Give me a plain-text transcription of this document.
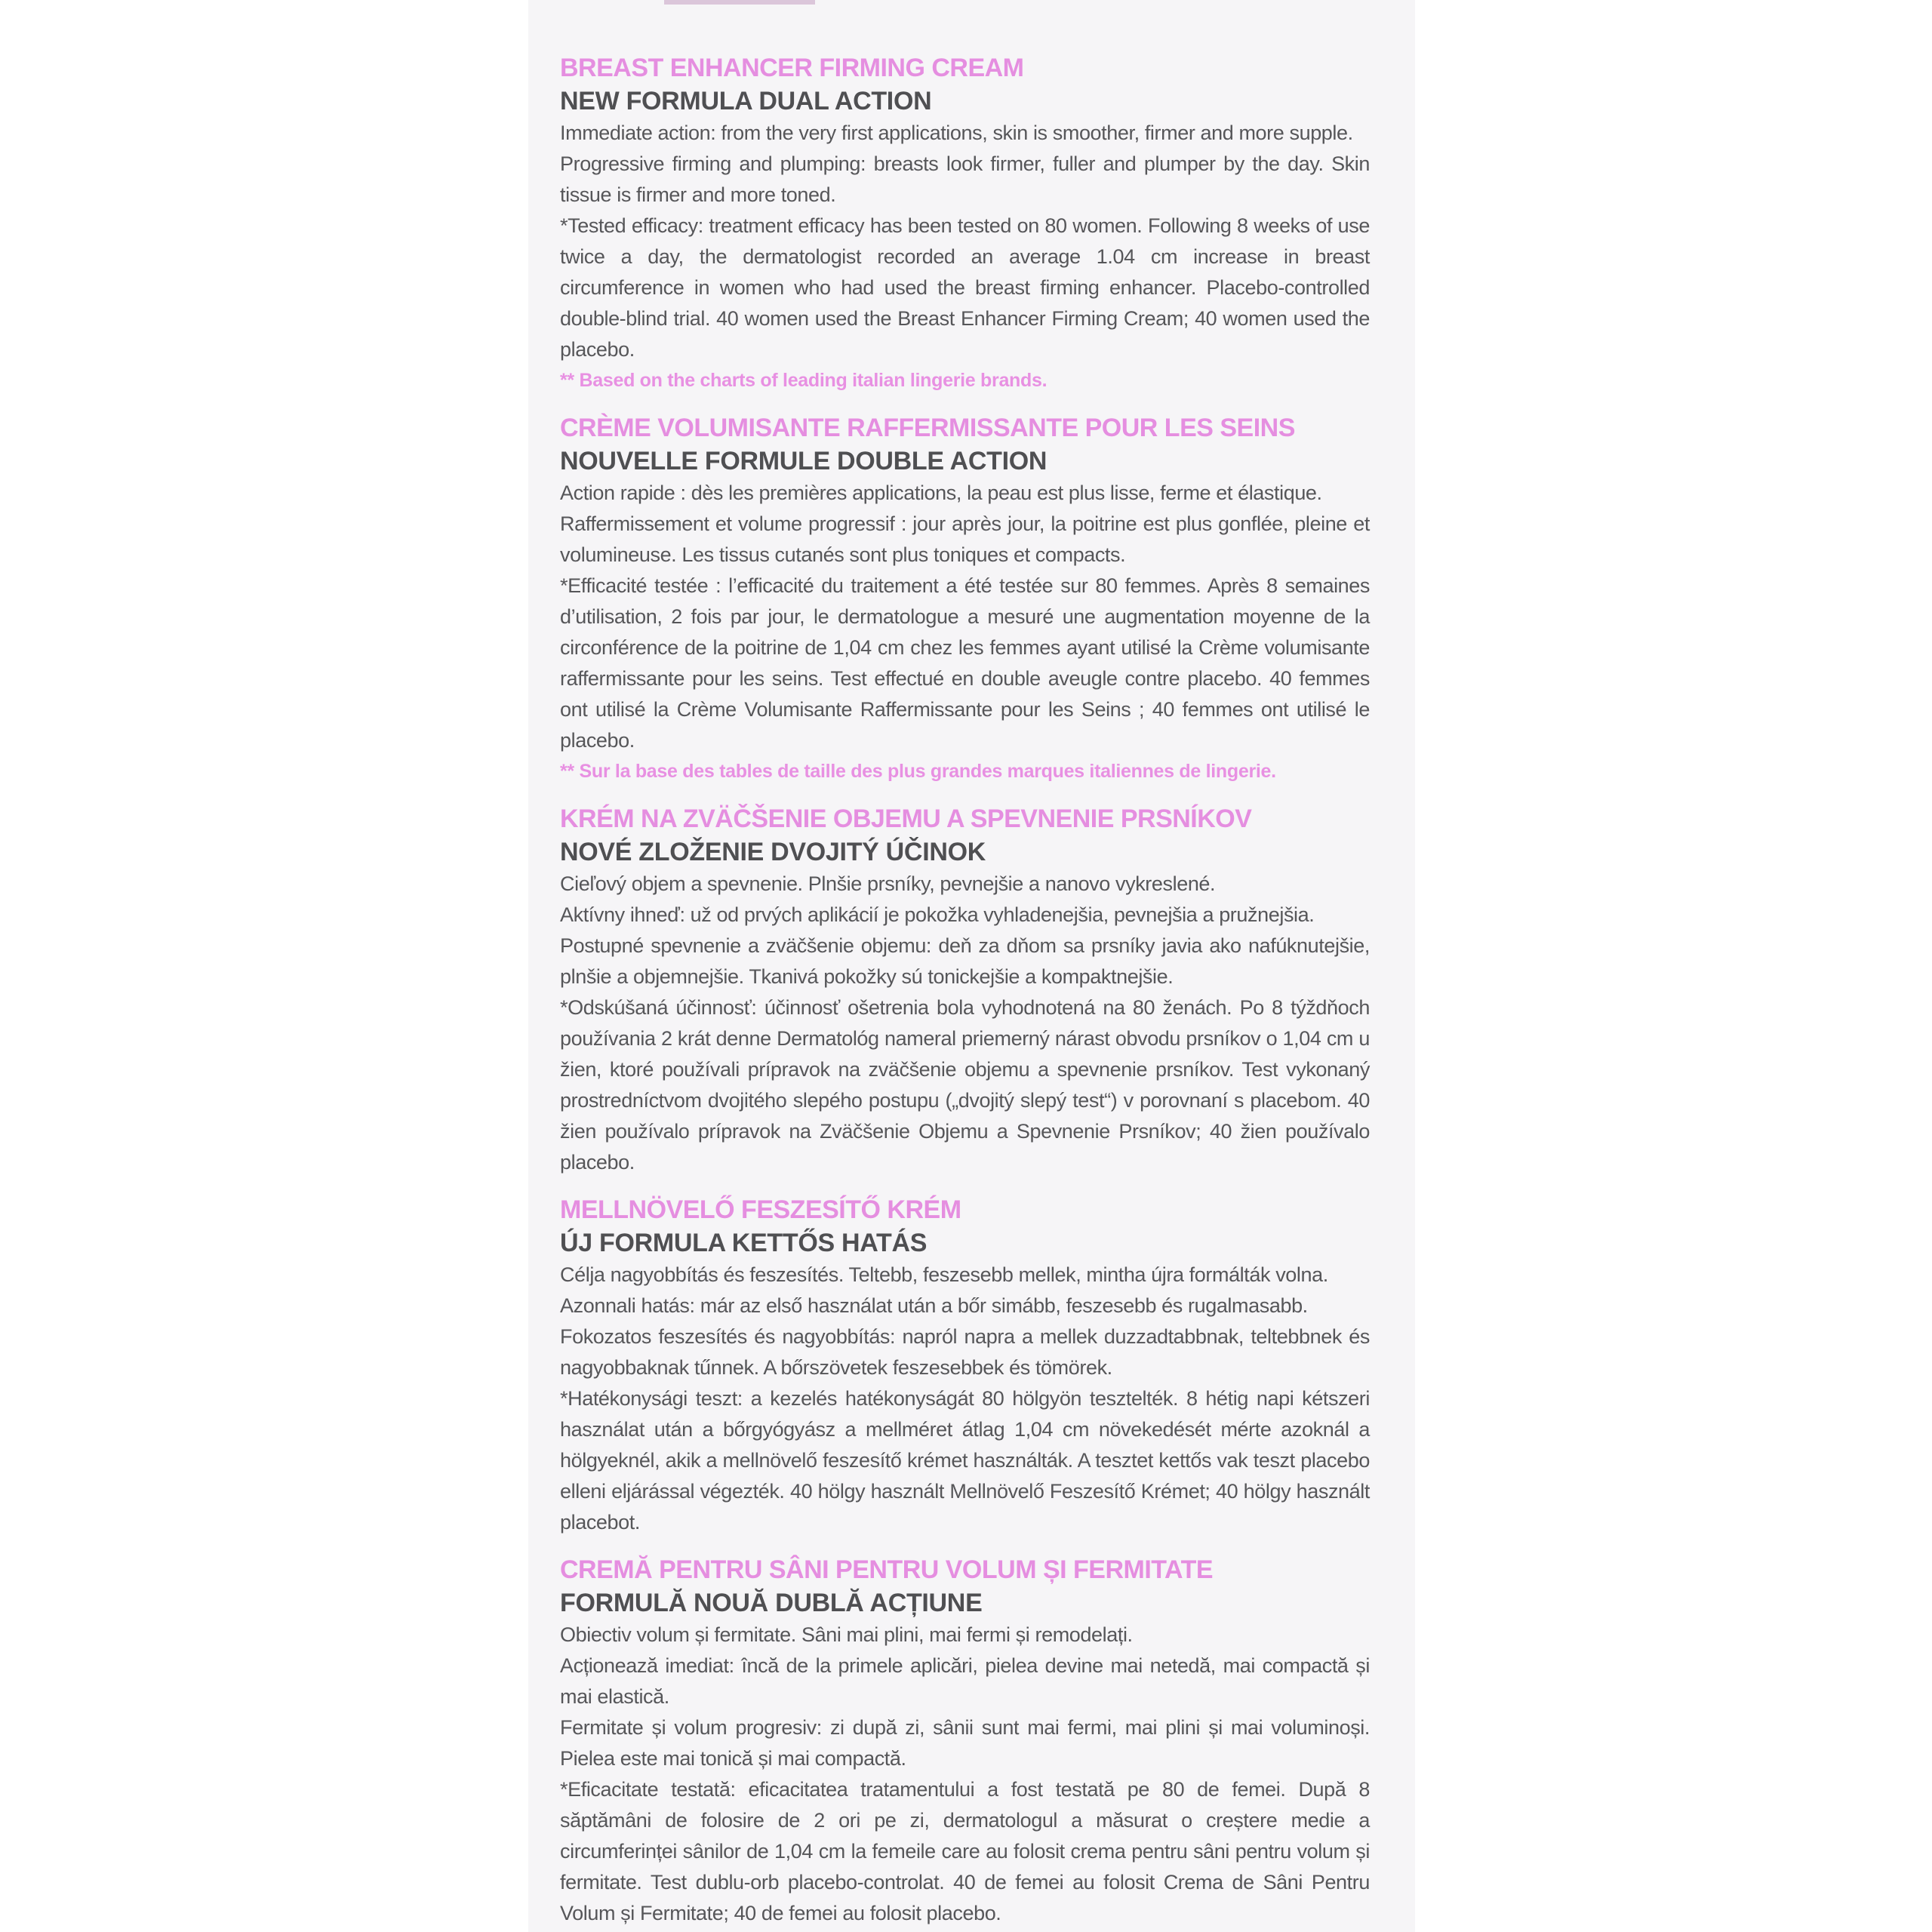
BREAST ENHANCER FIRMING CREAM
NEW FORMULA DUAL ACTION
Immediate action: from the very first applications, skin is smoother, firmer and more supple.
Progressive firming and plumping: breasts look firmer, fuller and plumper by the day. Skin tissue is firmer and more toned.
*Tested efficacy: treatment efficacy has been tested on 80 women. Following 8 weeks of use twice a day, the dermatologist recorded an average 1.04 cm increase in breast circumference in women who had used the breast firming enhancer. Placebo-controlled double-blind trial. 40 women used the Breast Enhancer Firming Cream; 40 women used the placebo.
** Based on the charts of leading italian lingerie brands.
CRÈME VOLUMISANTE RAFFERMISSANTE POUR LES SEINS
NOUVELLE FORMULE DOUBLE ACTION
Action rapide : dès les premières applications, la peau est plus lisse, ferme et élastique.
Raffermissement et volume progressif : jour après jour, la poitrine est plus gonflée, pleine et volumineuse. Les tissus cutanés sont plus toniques et compacts.
*Efficacité testée : l’efficacité du traitement a été testée sur 80 femmes. Après 8 semaines d’utilisation, 2 fois par jour, le dermatologue a mesuré une augmentation moyenne de la circonférence de la poitrine de 1,04 cm chez les femmes ayant utilisé la Crème volumisante raffermissante pour les seins. Test effectué en double aveugle contre placebo. 40 femmes ont utilisé la Crème Volumisante Raffermissante pour les Seins ; 40 femmes ont utilisé le placebo.
** Sur la base des tables de taille des plus grandes marques italiennes de lingerie.
KRÉM NA ZVÄČŠENIE OBJEMU A SPEVNENIE PRSNÍKOV
NOVÉ ZLOŽENIE DVOJITÝ ÚČINOK
Cieľový objem a spevnenie. Plnšie prsníky, pevnejšie a nanovo vykreslené.
Aktívny ihneď: už od prvých aplikácií je pokožka vyhladenejšia, pevnejšia a pružnejšia.
Postupné spevnenie a zväčšenie objemu: deň za dňom sa prsníky javia ako nafúknutejšie, plnšie a objemnejšie. Tkanivá pokožky sú tonickejšie a kompaktnejšie.
*Odskúšaná účinnosť: účinnosť ošetrenia bola vyhodnotená na 80 ženách. Po 8 týždňoch používania 2 krát denne Dermatológ nameral priemerný nárast obvodu prsníkov o 1,04 cm u žien, ktoré používali prípravok na zväčšenie objemu a spevnenie prsníkov. Test vykonaný prostredníctvom dvojitého slepého postupu („dvojitý slepý test“) v porovnaní s placebom. 40 žien používalo prípravok na Zväčšenie Objemu a Spevnenie Prsníkov; 40 žien používalo placebo.
MELLNÖVELŐ FESZESÍTŐ KRÉM
ÚJ FORMULA KETTŐS HATÁS
Célja nagyobbítás és feszesítés. Teltebb, feszesebb mellek, mintha újra formálták volna.
Azonnali hatás: már az első használat után a bőr simább, feszesebb és rugalmasabb.
Fokozatos feszesítés és nagyobbítás: napról napra a mellek duzzadtabbnak, teltebbnek és nagyobbaknak tűnnek. A bőrszövetek feszesebbek és tömörek.
*Hatékonysági teszt: a kezelés hatékonyságát 80 hölgyön tesztelték. 8 hétig napi kétszeri használat után a bőrgyógyász a mellméret átlag 1,04 cm növekedését mérte azoknál a hölgyeknél, akik a mellnövelő feszesítő krémet használták. A tesztet kettős vak teszt placebo elleni eljárással végezték. 40 hölgy használt Mellnövelő Feszesítő Krémet; 40 hölgy használt placebot.
CREMĂ PENTRU SÂNI PENTRU VOLUM ȘI FERMITATE
FORMULĂ NOUĂ DUBLĂ ACȚIUNE
Obiectiv volum și fermitate. Sâni mai plini, mai fermi și remodelați.
Acționează imediat: încă de la primele aplicări, pielea devine mai netedă, mai compactă și mai elastică.
Fermitate și volum progresiv: zi după zi, sânii sunt mai fermi, mai plini și mai voluminoși. Pielea este mai tonică și mai compactă.
*Eficacitate testată: eficacitatea tratamentului a fost testată pe 80 de femei. După 8 săptămâni de folosire de 2 ori pe zi, dermatologul a măsurat o creștere medie a circumferinței sânilor de 1,04 cm la femeile care au folosit crema pentru sâni pentru volum și fermitate. Test dublu-orb placebo-controlat. 40 de femei au folosit Crema de Sâni Pentru Volum și Fermitate; 40 de femei au folosit placebo.
